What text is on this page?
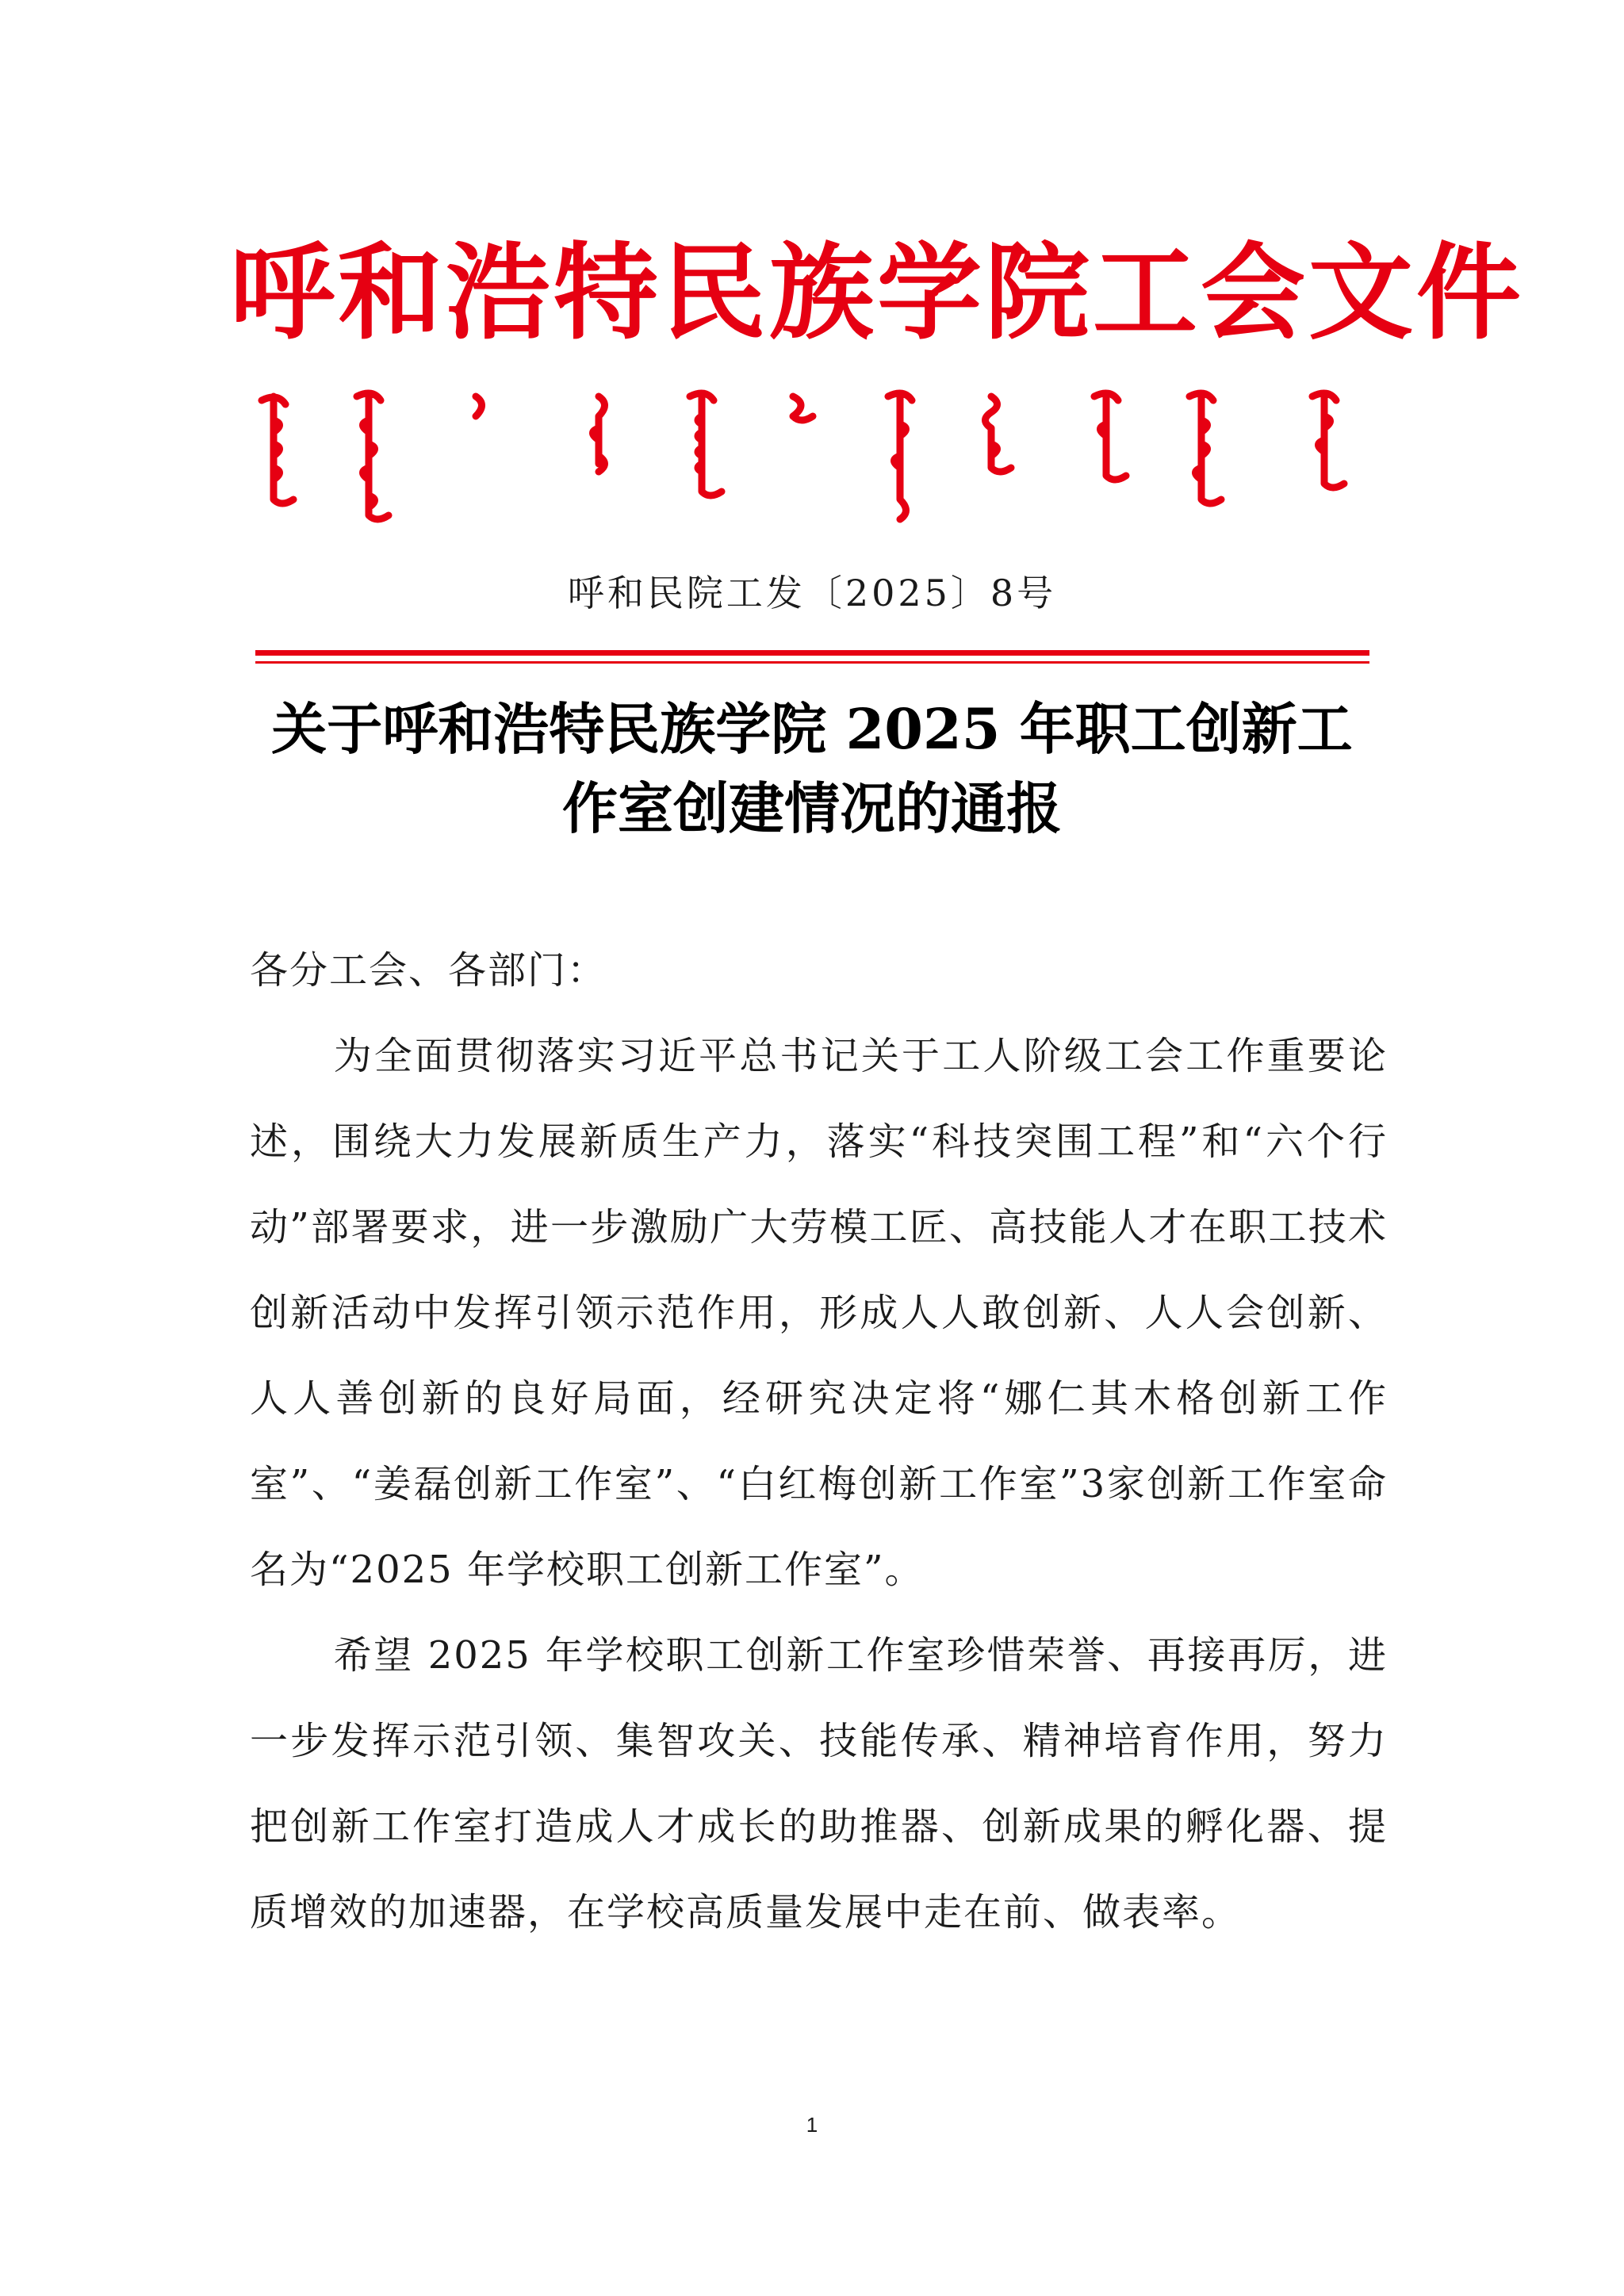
呼和浩特民族学院工会文件
呼和民院工发〔2025〕8号
关于呼和浩特民族学院 2025 年职工创新工
作室创建情况的通报

各分工会、各部门：

为全面贯彻落实习近平总书记关于工人阶级工会工作重要论述，围绕大力发展新质生产力，落实“科技突围工程”和“六个行动”部署要求，进一步激励广大劳模工匠、高技能人才在职工技术创新活动中发挥引领示范作用，形成人人敢创新、人人会创新、人人善创新的良好局面，经研究决定将“娜仁其木格创新工作室”、“姜磊创新工作室”、“白红梅创新工作室”3家创新工作室命名为“2025 年学校职工创新工作室”。

希望 2025 年学校职工创新工作室珍惜荣誉、再接再厉，进一步发挥示范引领、集智攻关、技能传承、精神培育作用，努力把创新工作室打造成人才成长的助推器、创新成果的孵化器、提质增效的加速器，在学校高质量发展中走在前、做表率。

1
